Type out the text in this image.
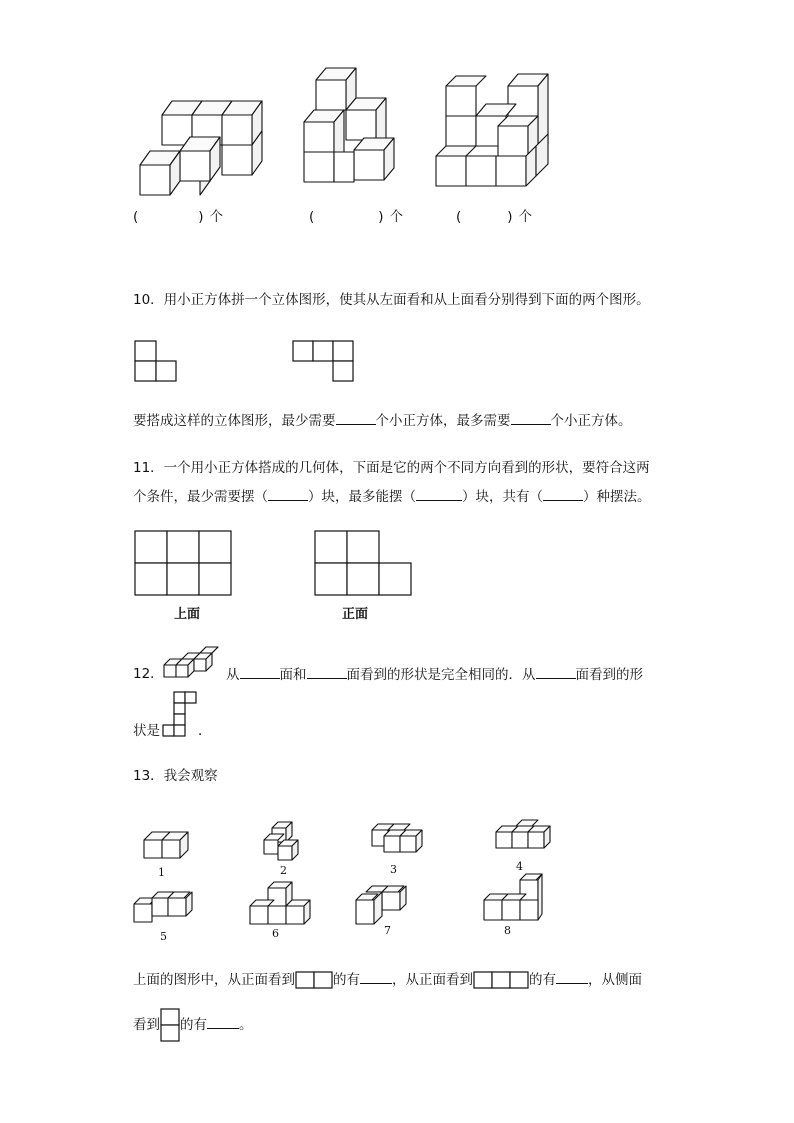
(	) 个	(	) 个	(	) 个
10．用小正方体拼一个立体图形，使其从左面看和从上面看分别得到下面的两个图形。
要搭成这样的立体图形，最少需要	个小正方体，最多需要	个小正方体。
11．一个用小正方体搭成的几何体，下面是它的两个不同方向看到的形状，要符合这两
个条件，最少需要摆（	）块，最多能摆（	）块，共有（	）种摆法。
上面	正面
12．	从	面和	面看到的形状是完全相同的．从	面看到的形
状是	．
13．我会观察
1	2	3	4
5	6	7	8
上面的图形中，从正面看到	的有 ，从正面看到	的有 ，从侧面
看到 的有 。
